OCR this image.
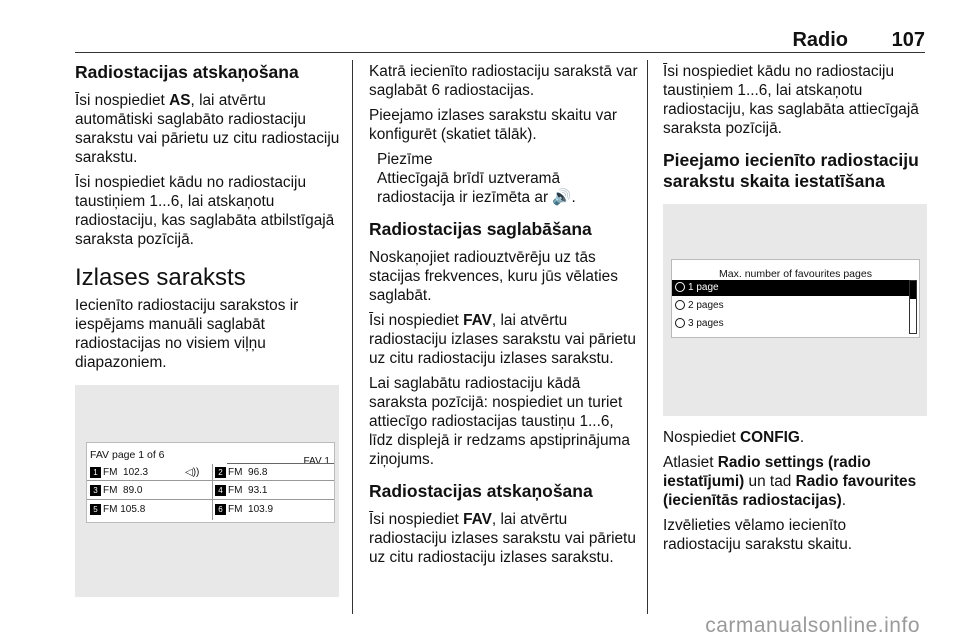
Radio 107
Radiostacijas atskaņošana

Īsi nospiediet AS, lai atvērtu automātiski saglabāto radiostaciju sarakstu vai pārietu uz citu radiostaciju sarakstu.

Īsi nospiediet kādu no radiostaciju taustiņiem 1...6, lai atskaņotu radiostaciju, kas saglabāta atbilstīgajā saraksta pozīcijā.

Izlases saraksts

Iecienīto radiostaciju sarakstos ir iespējams manuāli saglabāt radiostacijas no visiem viļņu diapazoniem.

FAV page 1 of 6
FAV 1
1 FM 102.3	◁))	2 FM 96.8
3 FM 89.0	4 FM 93.1
5 FM 105.8	6 FM 103.9

Katrā iecienīto radiostaciju sarakstā var saglabāt 6 radiostacijas.

Pieejamo izlases sarakstu skaitu var konfigurēt (skatiet tālāk).

Piezīme

Attiecīgajā brīdī uztveramā radiostacija ir iezīmēta ar 🔊.

Radiostacijas saglabāšana

Noskaņojiet radiouztvērēju uz tās stacijas frekvences, kuru jūs vēlaties saglabāt.

Īsi nospiediet FAV, lai atvērtu radiostaciju izlases sarakstu vai pārietu uz citu radiostaciju izlases sarakstu.

Lai saglabātu radiostaciju kādā saraksta pozīcijā: nospiediet un turiet attiecīgo radiostacijas taustiņu 1...6, līdz displejā ir redzams apstiprinājuma ziņojums.

Radiostacijas atskaņošana

Īsi nospiediet FAV, lai atvērtu radiostaciju izlases sarakstu vai pārietu uz citu radiostaciju izlases sarakstu.

Īsi nospiediet kādu no radiostaciju taustiņiem 1...6, lai atskaņotu radiostaciju, kas saglabāta attiecīgajā saraksta pozīcijā.

Pieejamo iecienīto radiostaciju sarakstu skaita iestatīšana
Max. number of favourites pages
1 page
2 pages
3 pages

Nospiediet CONFIG.

Atlasiet Radio settings (radio iestatījumi) un tad Radio favourites (iecienītās radiostacijas).

Izvēlieties vēlamo iecienīto radiostaciju sarakstu skaitu.

carmanualsonline.info
